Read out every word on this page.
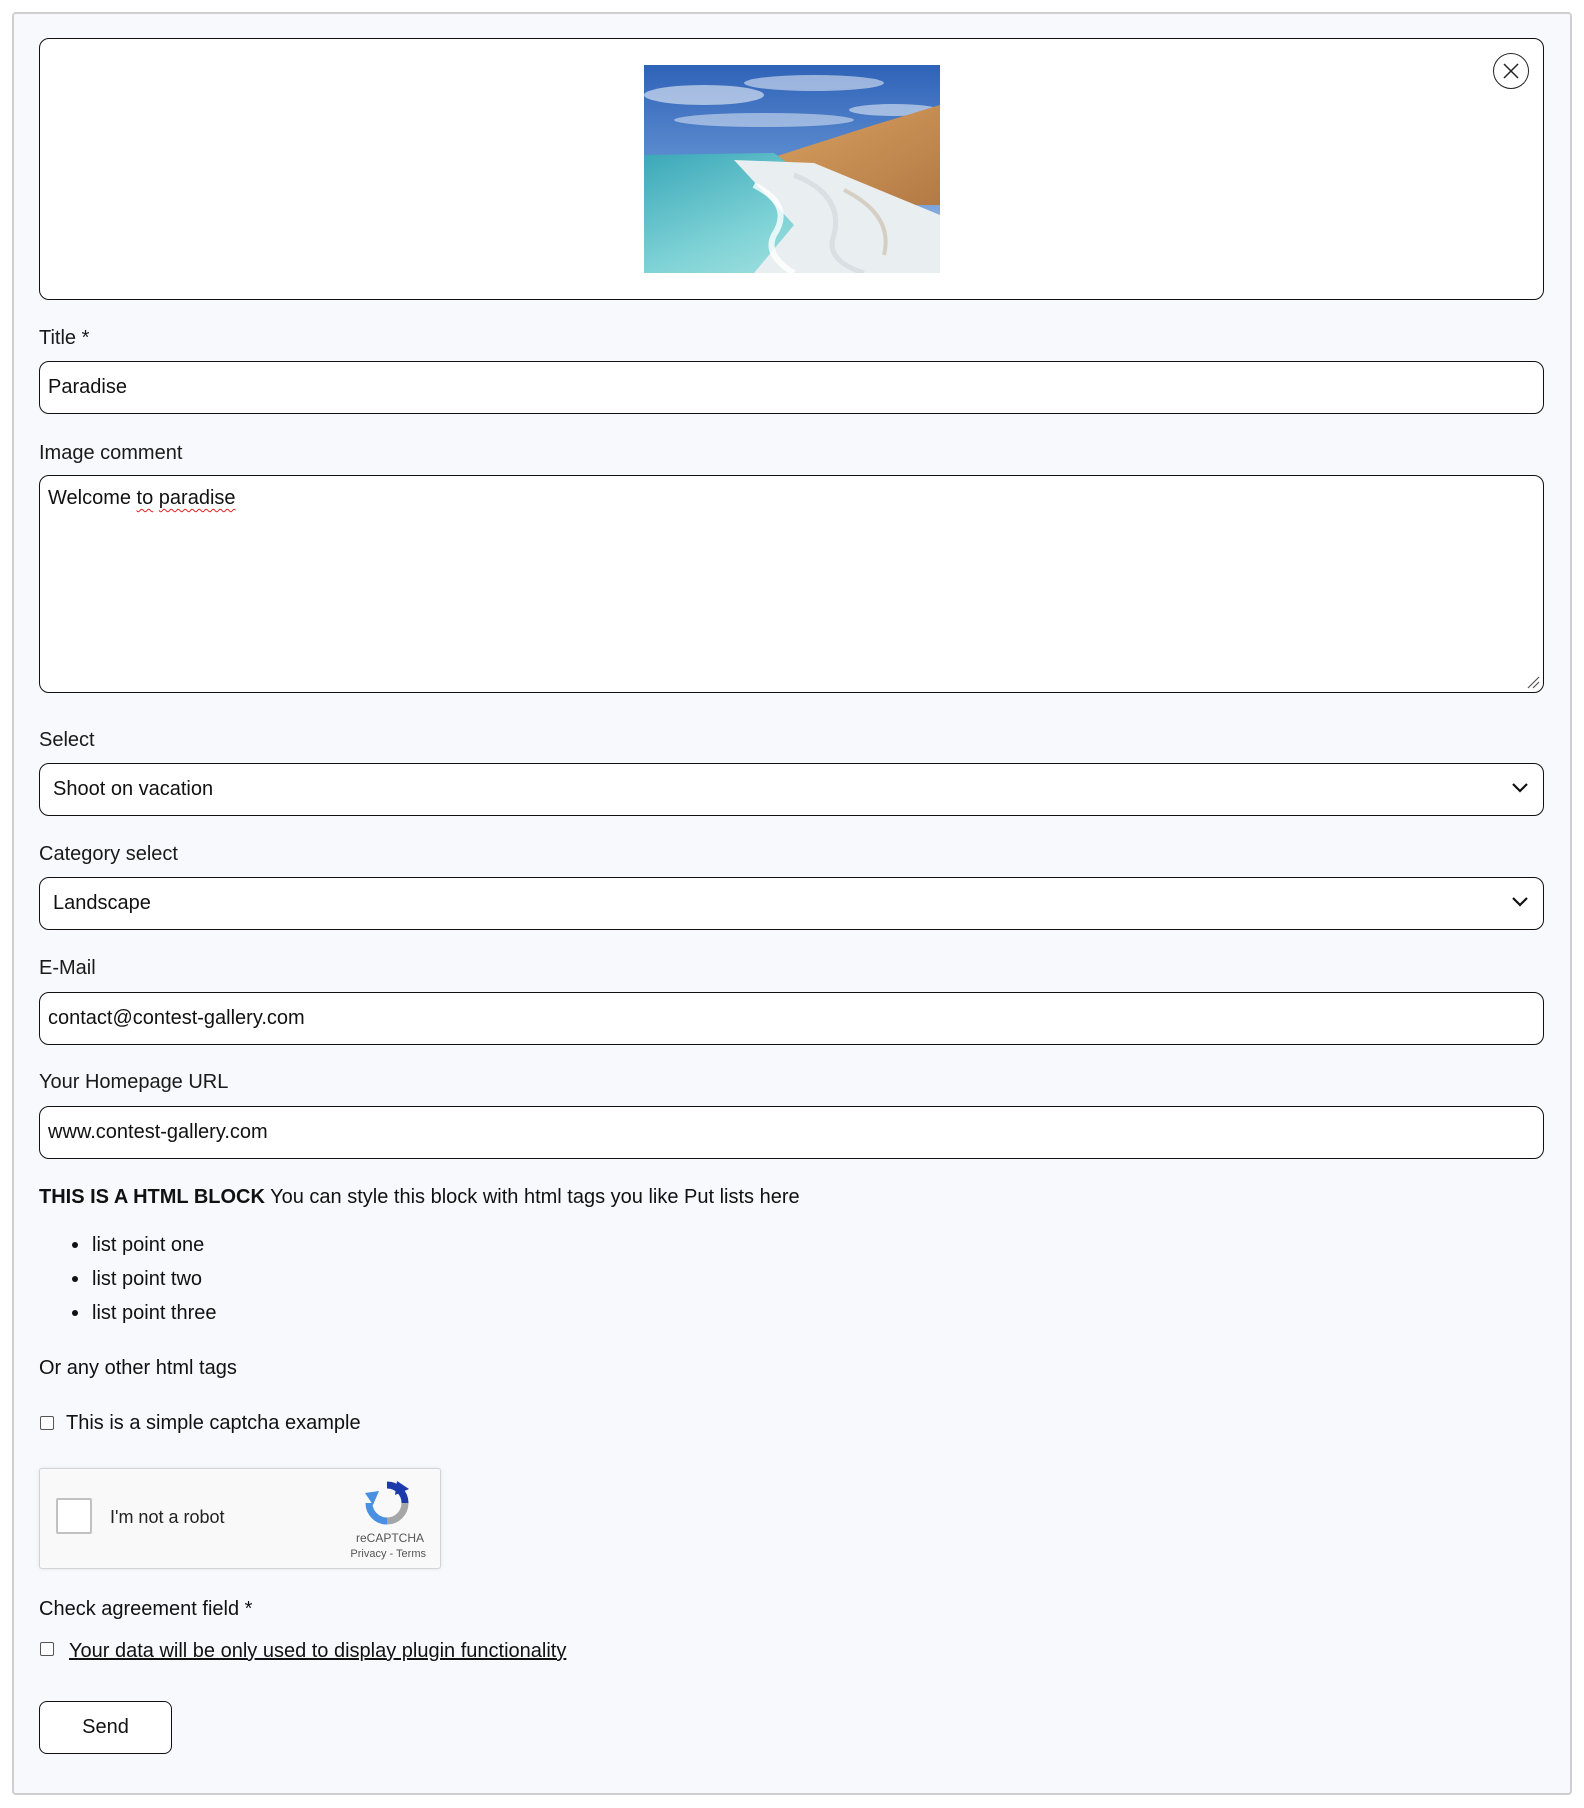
Title *
Paradise
Image comment
Welcome to paradise
Select
Shoot on vacation
Category select
Landscape
E-Mail
contact@contest-gallery.com
Your Homepage URL
www.contest-gallery.com
THIS IS A HTML BLOCK You can style this block with html tags you like Put lists here
list point one
list point two
list point three
Or any other html tags
This is a simple captcha example
I'm not a robot
reCAPTCHA
Privacy - Terms
Check agreement field *
Your data will be only used to display plugin functionality
Send
